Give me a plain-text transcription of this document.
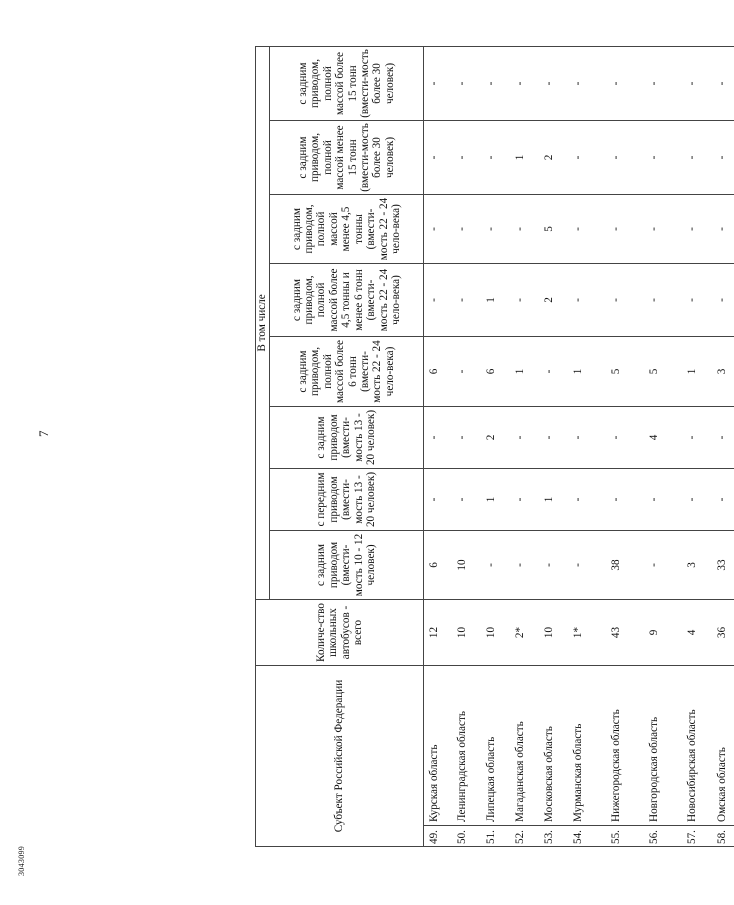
7
3043099
Субъект Российской Федерации		Количе-ство школьных автобусов - всего	В том числе							
			с задним приводом (вмести-мость 10 - 12 человек)	с передним приводом (вмести-мость 13 - 20 человек)	с задним приводом (вмести-мость 13 - 20 человек)	с задним приводом, полной массой более 6 тонн (вмести-мость 22 - 24 чело-века)	с задним приводом, полной массой более 4,5 тонны и менее 6 тонн (вмести-мость 22 - 24 чело-века)	с задним приводом, полной массой менее 4,5 тонны (вмести-мость 22 - 24 чело-века)	с задним приводом, полной массой менее 15 тонн (вмести-мость более 30 человек)	с задним приводом, полной массой более 15 тонн (вмести-мость более 30 человек)
49.	Курская область	12	6	-	-	6	-	-	-	-
50.	Ленинградская область	10	10	-	-	-	-	-	-	-
51.	Липецкая область	10	-	1	2	6	1	-	-	-
52.	Магаданская область	2*	-	-	-	1	-	-	1	-
53.	Московская область	10	-	1	-	-	2	5	2	-
54.	Мурманская область	1*	-	-	-	1	-	-	-	-
55.	Нижегородская область	43	38	-	-	5	-	-	-	-
56.	Новгородская область	9	-	-	4	5	-	-	-	-
57.	Новосибирская область	4	3	-	-	1	-	-	-	-
58.	Омская область	36	33	-	-	3	-	-	-	-
